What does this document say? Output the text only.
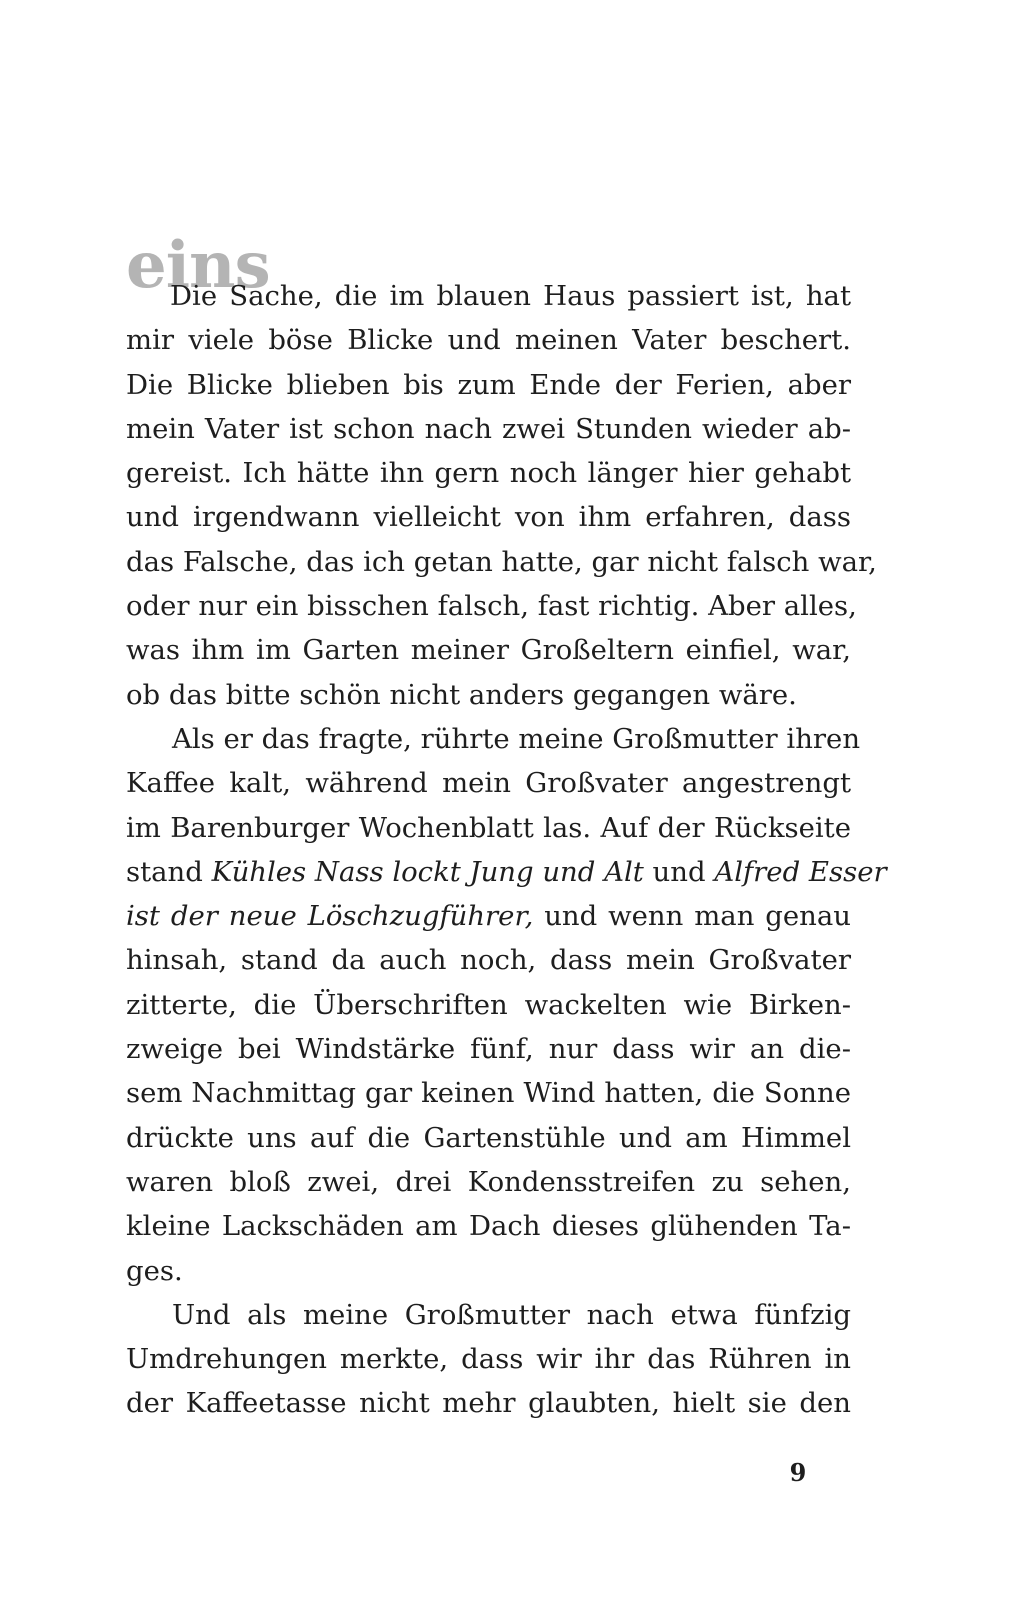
eins
Die Sache, die im blauen Haus passiert ist, hat
mir viele böse Blicke und meinen Vater beschert.
Die Blicke blieben bis zum Ende der Ferien, aber
mein Vater ist schon nach zwei Stunden wieder ab-
gereist. Ich hätte ihn gern noch länger hier gehabt
und irgendwann vielleicht von ihm erfahren, dass
das Falsche, das ich getan hatte, gar nicht falsch war,
oder nur ein bisschen falsch, fast richtig. Aber alles,
was ihm im Garten meiner Großeltern einfiel, war,
ob das bitte schön nicht anders gegangen wäre.
Als er das fragte, rührte meine Großmutter ihren
Kaffee kalt, während mein Großvater angestrengt
im Barenburger Wochenblatt las. Auf der Rückseite
stand Kühles Nass lockt Jung und Alt und Alfred Esser
ist der neue Löschzugführer, und wenn man genau
hinsah, stand da auch noch, dass mein Großvater
zitterte, die Überschriften wackelten wie Birken-
zweige bei Windstärke fünf, nur dass wir an die-
sem Nachmittag gar keinen Wind hatten, die Sonne
drückte uns auf die Gartenstühle und am Himmel
waren bloß zwei, drei Kondensstreifen zu sehen,
kleine Lackschäden am Dach dieses glühenden Ta-
ges.
Und als meine Großmutter nach etwa fünfzig
Umdrehungen merkte, dass wir ihr das Rühren in
der Kaffeetasse nicht mehr glaubten, hielt sie den
9
